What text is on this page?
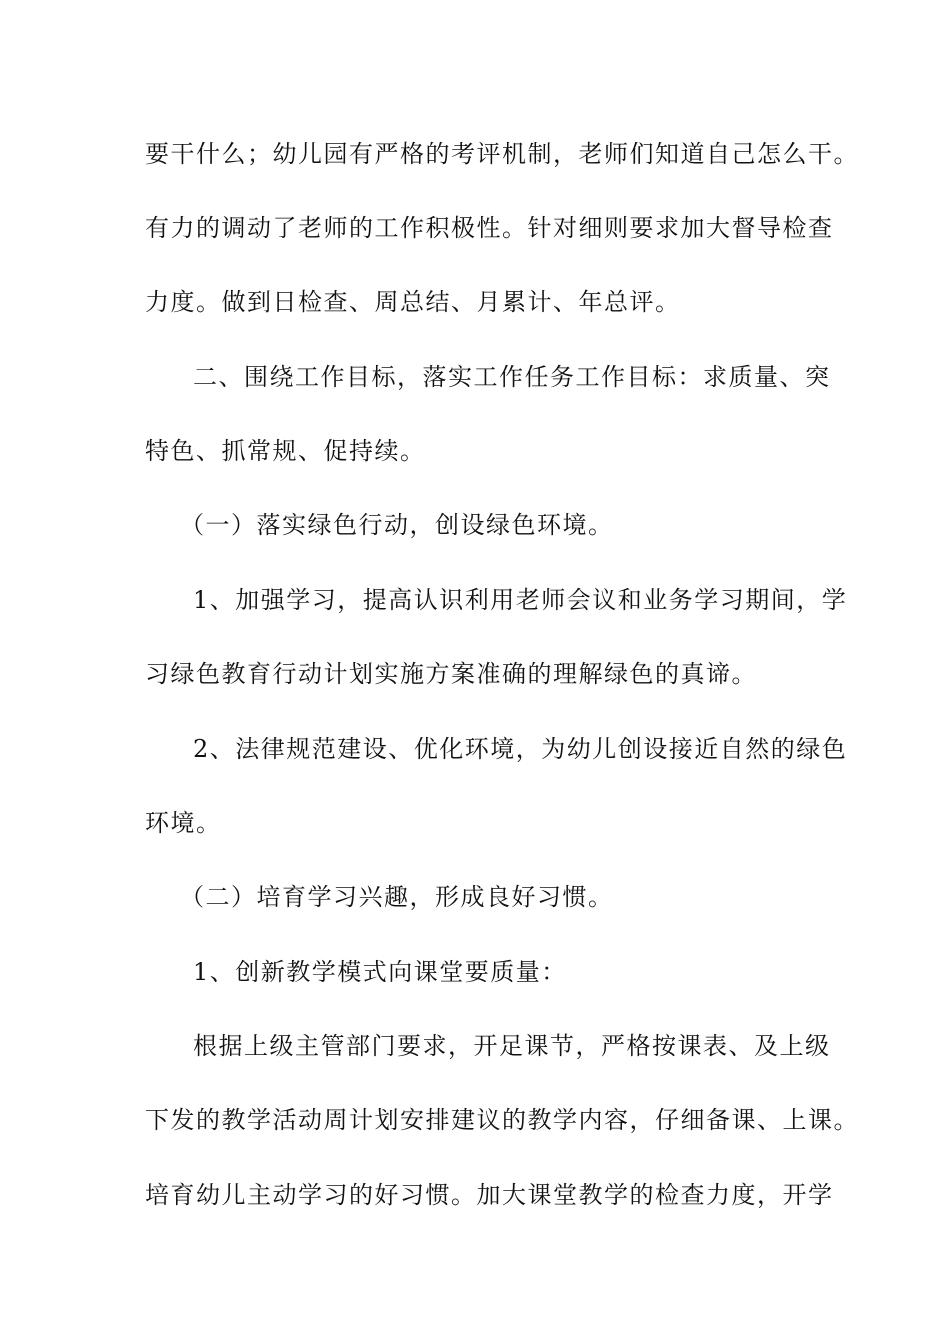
要干什么；幼儿园有严格的考评机制，老师们知道自己怎么干。
有力的调动了老师的工作积极性。针对细则要求加大督导检查
力度。做到日检查、周总结、月累计、年总评。
二、围绕工作目标，落实工作任务工作目标：求质量、突
特色、抓常规、促持续。
（一）落实绿色行动，创设绿色环境。
1、加强学习，提高认识利用老师会议和业务学习期间，学
习绿色教育行动计划实施方案准确的理解绿色的真谛。
2、法律规范建设、优化环境，为幼儿创设接近自然的绿色
环境。
（二）培育学习兴趣，形成良好习惯。
1、创新教学模式向课堂要质量：
根据上级主管部门要求，开足课节，严格按课表、及上级
下发的教学活动周计划安排建议的教学内容，仔细备课、上课。
培育幼儿主动学习的好习惯。加大课堂教学的检查力度，开学
